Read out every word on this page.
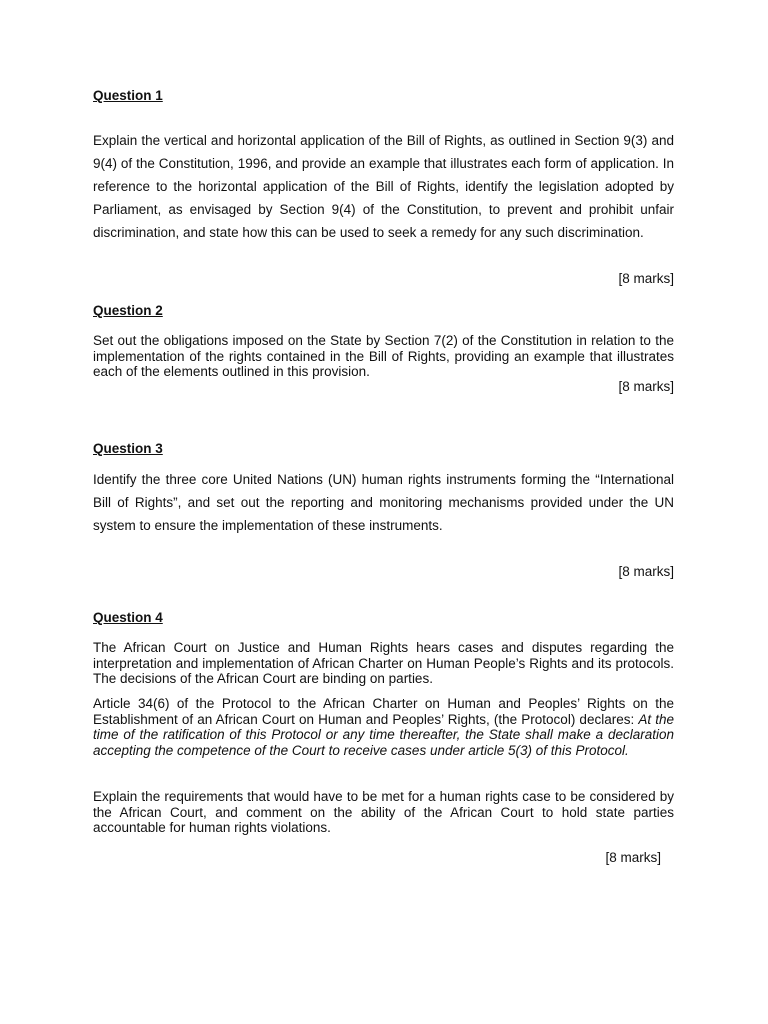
Question 1

Explain the vertical and horizontal application of the Bill of Rights, as outlined in Section 9(3) and 9(4) of the Constitution, 1996, and provide an example that illustrates each form of application. In reference to the horizontal application of the Bill of Rights, identify the legislation adopted by Parliament, as envisaged by Section 9(4) of the Constitution, to prevent and prohibit unfair discrimination, and state how this can be used to seek a remedy for any such discrimination.

[8 marks]

Question 2

Set out the obligations imposed on the State by Section 7(2) of the Constitution in relation to the implementation of the rights contained in the Bill of Rights, providing an example that illustrates each of the elements outlined in this provision.

[8 marks]

Question 3

Identify the three core United Nations (UN) human rights instruments forming the “International Bill of Rights”, and set out the reporting and monitoring mechanisms provided under the UN system to ensure the implementation of these instruments.

[8 marks]

Question 4

The African Court on Justice and Human Rights hears cases and disputes regarding the interpretation and implementation of African Charter on Human People’s Rights and its protocols. The decisions of the African Court are binding on parties.

Article 34(6) of the Protocol to the African Charter on Human and Peoples’ Rights on the Establishment of an African Court on Human and Peoples’ Rights, (the Protocol) declares: At the time of the ratification of this Protocol or any time thereafter, the State shall make a declaration accepting the competence of the Court to receive cases under article 5(3) of this Protocol.

Explain the requirements that would have to be met for a human rights case to be considered by the African Court, and comment on the ability of the African Court to hold state parties accountable for human rights violations.

[8 marks]
